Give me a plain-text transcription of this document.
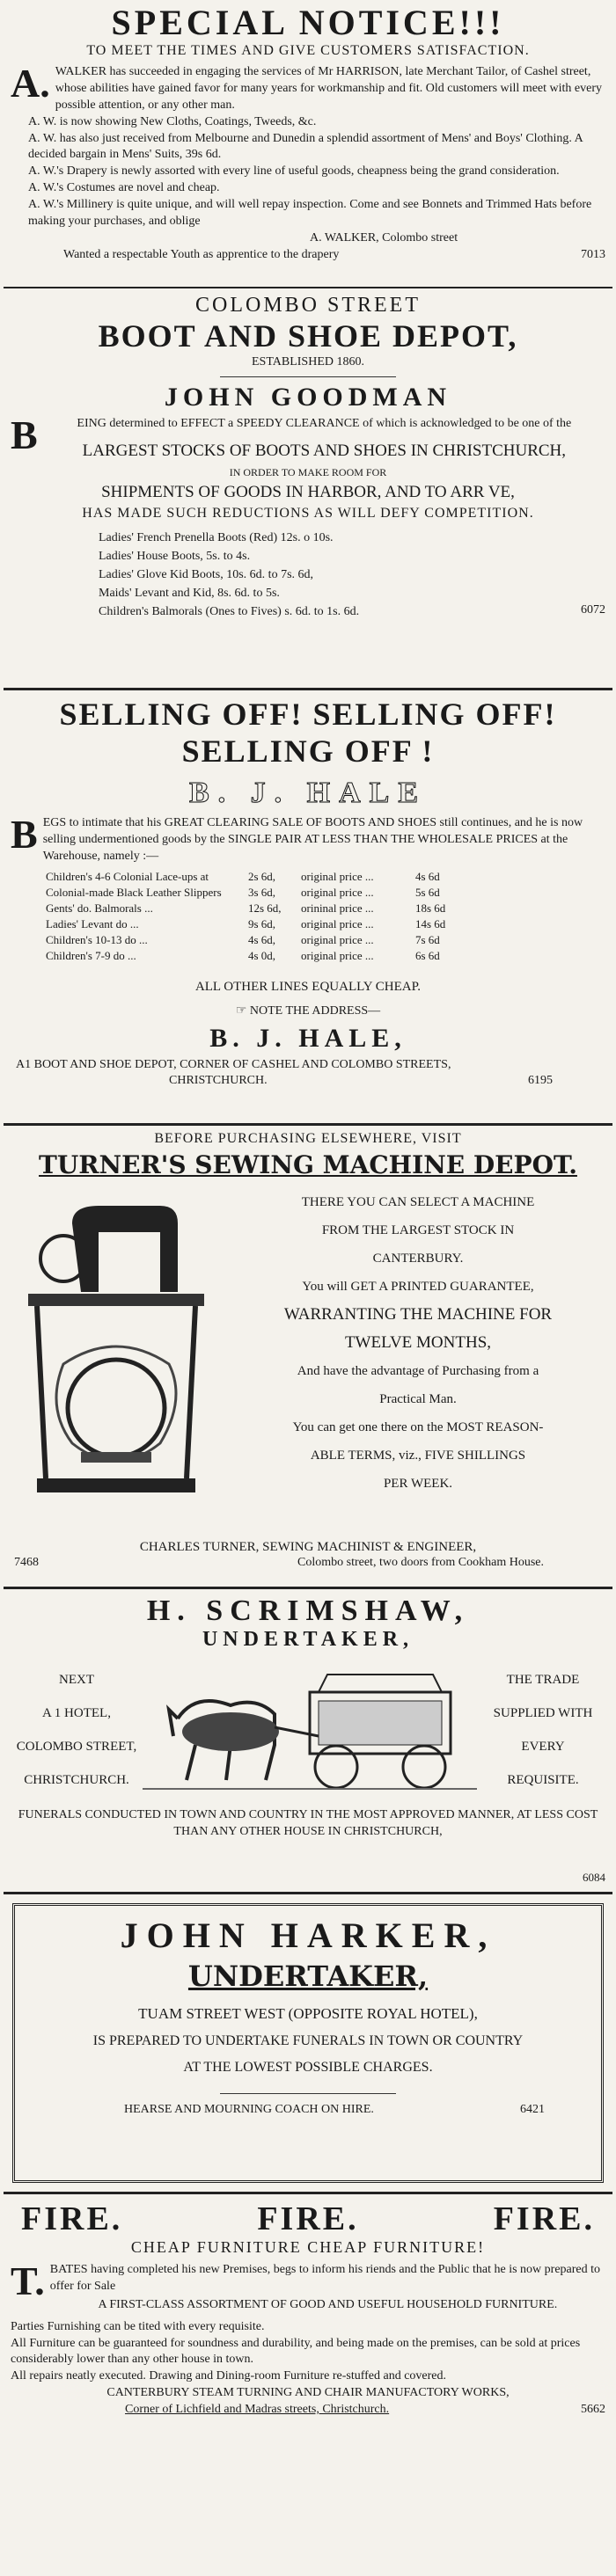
SPECIAL NOTICE!!!
TO MEET THE TIMES AND GIVE CUSTOMERS SATISFACTION.
A. WALKER has succeeded in engaging the services of Mr HARRISON, late Merchant Tailor, of Cashel street, whose abilities have gained favor for many years for workmanship and fit. Old customers will meet with every possible attention, or any other man.
A. W. is now showing New Cloths, Coatings, Tweeds, &c.
A. W. has also just received from Melbourne and Dunedin a splendid assortment of Mens' and Boys' Clothing. A decided bargain in Mens' Suits, 39s 6d.
A. W.'s Drapery is newly assorted with every line of useful goods, cheapness being the grand consideration.
A. W.'s Costumes are novel and cheap.
A. W.'s Millinery is quite unique, and will well repay inspection. Come and see Bonnets and Trimmed Hats before making your purchases, and oblige
A. WALKER, Colombo street
Wanted a respectable Youth as apprentice to the drapery	7013
COLOMBO STREET
BOOT AND SHOE DEPOT,
ESTABLISHED 1860.
JOHN GOODMAN
B	EING determined to EFFECT a SPEEDY CLEARANCE of which is acknowledged to be one of the
LARGEST STOCKS OF BOOTS AND SHOES IN CHRISTCHURCH,
IN ORDER TO MAKE ROOM FOR
SHIPMENTS OF GOODS IN HARBOR, AND TO ARR VE,
HAS MADE SUCH REDUCTIONS AS WILL DEFY COMPETITION.
Ladies' French Prenella Boots (Red) 12s. o 10s.
Ladies' House Boots, 5s. to 4s.
Ladies' Glove Kid Boots, 10s. 6d. to 7s. 6d,
Maids' Levant and Kid, 8s. 6d. to 5s.
Children's Balmorals (Ones to Fives) s. 6d. to 1s. 6d.	6072
SELLING OFF! SELLING OFF!
SELLING OFF !
B. J. HALE
B EGS to intimate that his GREAT CLEARING SALE OF BOOTS AND SHOES still continues, and he is now selling undermentioned goods by the SINGLE PAIR AT LESS THAN THE WHOLESALE PRICES at the Warehouse, namely :—
Children's 4-6 Colonial Lace-ups at	2s 6d,	original price ...	4s 6d
Colonial-made Black Leather Slippers	3s 6d,	original price ...	5s 6d
Gents' do. Balmorals ...	12s 6d,	orininal price ...	18s 6d
Ladies' Levant do ...	9s 6d,	original price ...	14s 6d
Children's 10-13 do ...	4s 6d,	original price ...	7s 6d
Children's 7-9 do ...	4s 0d,	original price ...	6s 6d
ALL OTHER LINES EQUALLY CHEAP.
☞ NOTE THE ADDRESS—
B. J. HALE,
A1 BOOT AND SHOE DEPOT, CORNER OF CASHEL AND COLOMBO STREETS,
CHRISTCHURCH.	6195
BEFORE PURCHASING ELSEWHERE, VISIT
TURNER'S SEWING MACHINE DEPOT.
THERE YOU CAN SELECT A MACHINE
FROM THE LARGEST STOCK IN
CANTERBURY.
You will GET A PRINTED GUARANTEE,
WARRANTING THE MACHINE FOR
TWELVE MONTHS,
And have the advantage of Purchasing from a
Practical Man.
You can get one there on the MOST REASON-
ABLE TERMS, viz., FIVE SHILLINGS
PER WEEK.
CHARLES TURNER, SEWING MACHINIST & ENGINEER,
7468	Colombo street, two doors from Cookham House.
H. SCRIMSHAW,
UNDERTAKER,
NEXT
A 1 HOTEL,
COLOMBO STREET,
CHRISTCHURCH.
THE TRADE
SUPPLIED WITH
EVERY
REQUISITE.
FUNERALS CONDUCTED IN TOWN AND COUNTRY IN THE MOST APPROVED MANNER, AT LESS COST THAN ANY OTHER HOUSE IN CHRISTCHURCH,
6084
JOHN HARKER,
UNDERTAKER,
TUAM STREET WEST (OPPOSITE ROYAL HOTEL),
IS PREPARED TO UNDERTAKE FUNERALS IN TOWN OR COUNTRY
AT THE LOWEST POSSIBLE CHARGES.
HEARSE AND MOURNING COACH ON HIRE.	6421
FIRE.	FIRE.	FIRE.
CHEAP FURNITURE CHEAP FURNITURE!
T. BATES having completed his new Premises, begs to inform his riends and the Public that he is now prepared to offer for Sale
A FIRST-CLASS ASSORTMENT OF GOOD AND USEFUL HOUSEHOLD FURNITURE.
Parties Furnishing can be tited with every requisite.
All Furniture can be guaranteed for soundness and durability, and being made on the premises, can be sold at prices considerably lower than any other house in town.
All repairs neatly executed. Drawing and Dining-room Furniture re-stuffed and covered.
CANTERBURY STEAM TURNING AND CHAIR MANUFACTORY WORKS,
Corner of Lichfield and Madras streets, Christchurch.	5662
